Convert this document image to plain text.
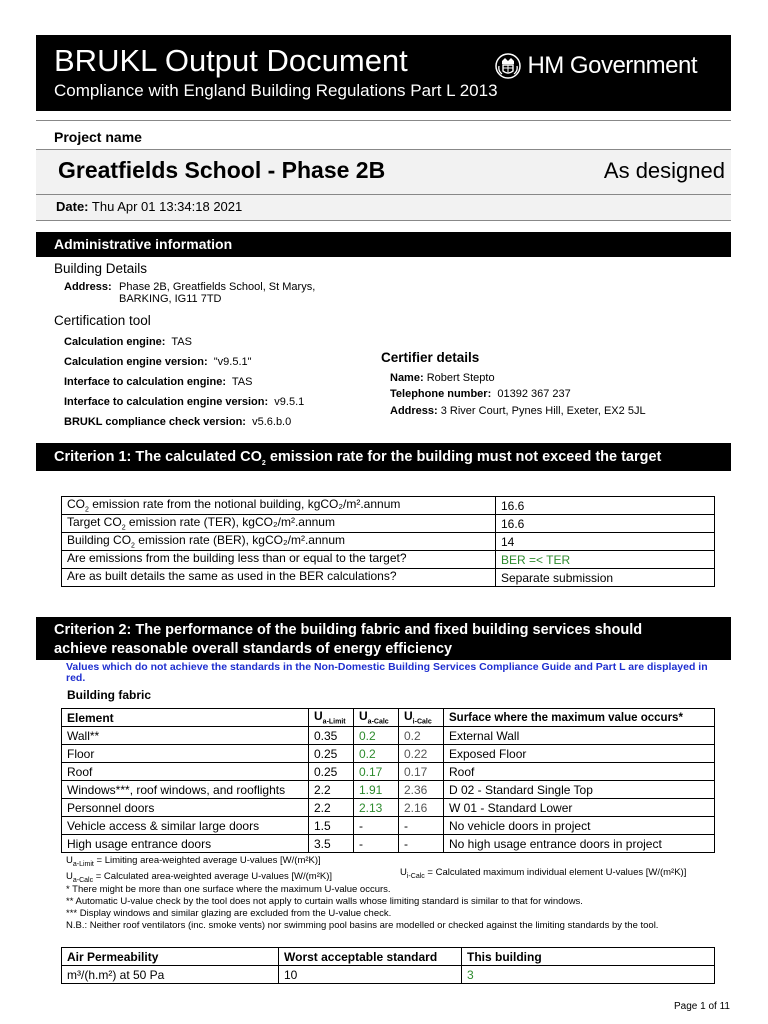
BRUKL Output Document
Compliance with England Building Regulations Part L 2013
HM Government
Project name
Greatfields School - Phase 2B	As designed
Date: Thu Apr 01 13:34:18 2021
Administrative information
Building Details
Address: Phase 2B, Greatfields School, St Marys,
BARKING, IG11 7TD
Certification tool
Calculation engine: TAS
Calculation engine version: "v9.5.1"
Interface to calculation engine: TAS
Interface to calculation engine version: v9.5.1
BRUKL compliance check version: v5.6.b.0
Certifier details
Name: Robert Stepto
Telephone number: 01392 367 237
Address: 3 River Court, Pynes Hill, Exeter, EX2 5JL
Criterion 1: The calculated $CO_2$ emission rate for the building must not exceed the target
$CO_2$ emission rate from the notional building, kgCO₂/m².annum	16.6
Target $CO_2$ emission rate (TER), kgCO₂/m².annum	16.6
Building $CO_2$ emission rate (BER), kgCO₂/m².annum	14
Are emissions from the building less than or equal to the target?	BER =< TER
Are as built details the same as used in the BER calculations?	Separate submission
Criterion 2: The performance of the building fabric and fixed building services should
achieve reasonable overall standards of energy efficiency
Values which do not achieve the standards in the Non-Domestic Building Services Compliance Guide and Part L are displayed in red.
Building fabric
Element	$U_{a-Limit}$	$U_{a-Calc}$	$U_{i-Calc}$	Surface where the maximum value occurs*
Wall**	0.35	0.2	0.2	External Wall
Floor	0.25	0.2	0.22	Exposed Floor
Roof	0.25	0.17	0.17	Roof
Windows***, roof windows, and rooflights	2.2	1.91	2.36	D 02 - Standard Single Top
Personnel doors	2.2	2.13	2.16	W 01 - Standard Lower
Vehicle access & similar large doors	1.5	-	-	No vehicle doors in project
High usage entrance doors	3.5	-	-	No high usage entrance doors in project
$U_{a-Limit}$ = Limiting area-weighted average U-values [W/(m²K)]
$U_{a-Calc}$ = Calculated area-weighted average U-values [W/(m²K)]	$U_{i-Calc}$ = Calculated maximum individual element U-values [W/(m²K)]
* There might be more than one surface where the maximum U-value occurs.
** Automatic U-value check by the tool does not apply to curtain walls whose limiting standard is similar to that for windows.
*** Display windows and similar glazing are excluded from the U-value check.
N.B.: Neither roof ventilators (inc. smoke vents) nor swimming pool basins are modelled or checked against the limiting standards by the tool.
Air Permeability	Worst acceptable standard	This building
m³/(h.m²) at 50 Pa	10	3
Page 1 of 11
